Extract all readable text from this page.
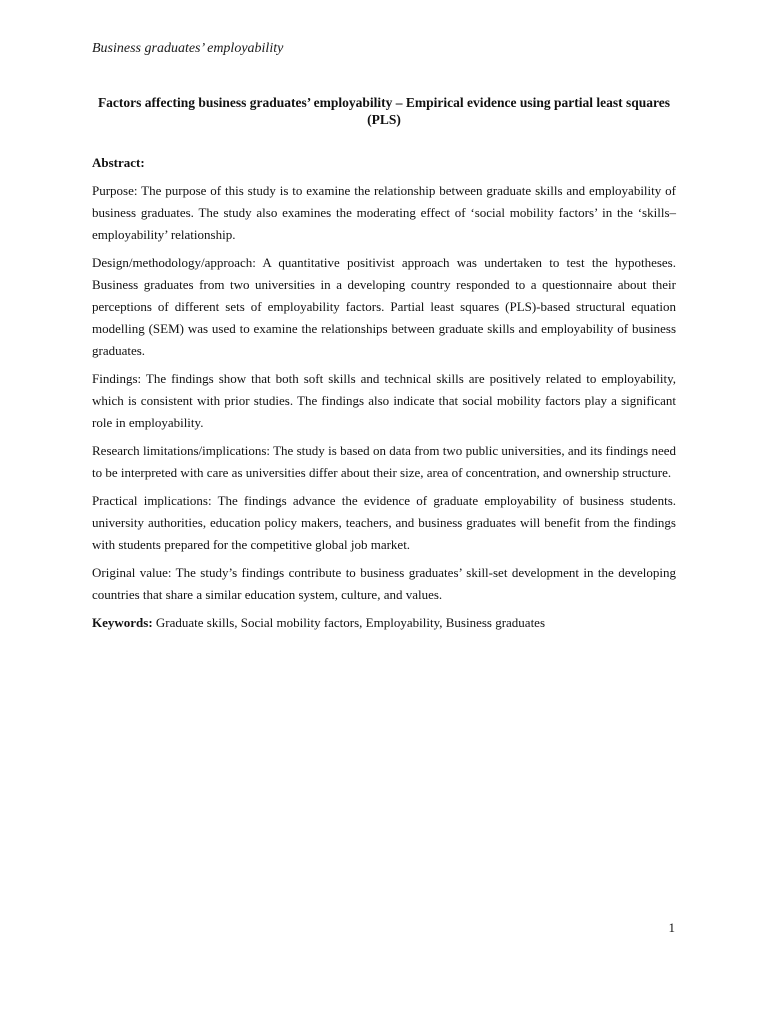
Business graduates’ employability
Factors affecting business graduates’ employability – Empirical evidence using partial least squares (PLS)

Abstract:

Purpose: The purpose of this study is to examine the relationship between graduate skills and employability of business graduates. The study also examines the moderating effect of ‘social mobility factors’ in the ‘skills–employability’ relationship.

Design/methodology/approach: A quantitative positivist approach was undertaken to test the hypotheses. Business graduates from two universities in a developing country responded to a questionnaire about their perceptions of different sets of employability factors. Partial least squares (PLS)-based structural equation modelling (SEM) was used to examine the relationships between graduate skills and employability of business graduates.

Findings: The findings show that both soft skills and technical skills are positively related to employability, which is consistent with prior studies. The findings also indicate that social mobility factors play a significant role in employability.

Research limitations/implications: The study is based on data from two public universities, and its findings need to be interpreted with care as universities differ about their size, area of concentration, and ownership structure.

Practical implications: The findings advance the evidence of graduate employability of business students. university authorities, education policy makers, teachers, and business graduates will benefit from the findings with students prepared for the competitive global job market.

Original value: The study’s findings contribute to business graduates’ skill-set development in the developing countries that share a similar education system, culture, and values.

Keywords: Graduate skills, Social mobility factors, Employability, Business graduates

1
